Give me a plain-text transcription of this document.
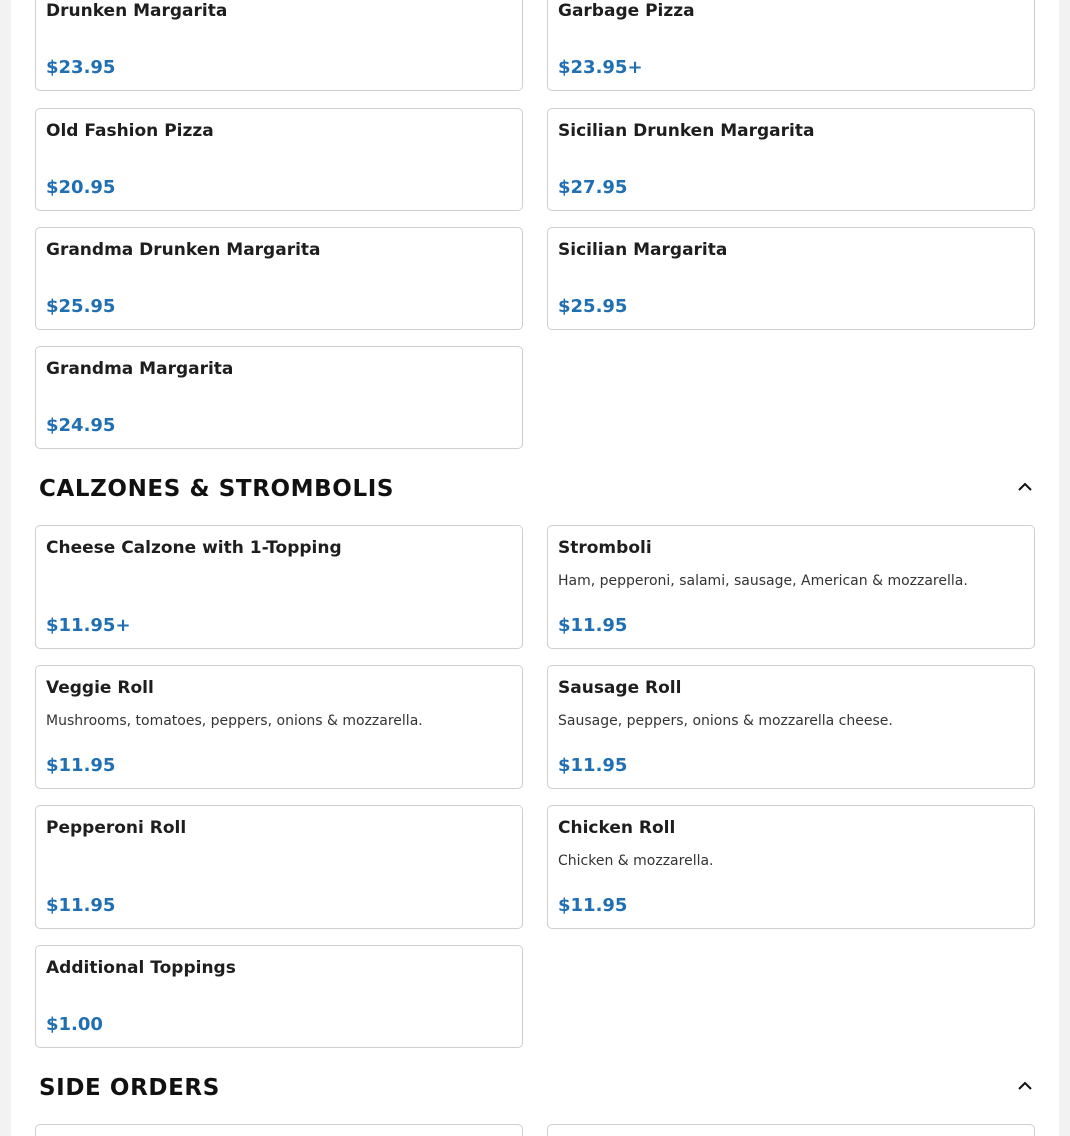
Drunken Margarita
$23.95
Garbage Pizza
$23.95+
Old Fashion Pizza
$20.95
Sicilian Drunken Margarita
$27.95
Grandma Drunken Margarita
$25.95
Sicilian Margarita
$25.95
Grandma Margarita
$24.95
CALZONES & STROMBOLIS
Cheese Calzone with 1-Topping
$11.95+
Stromboli
Ham, pepperoni, salami, sausage, American & mozzarella.
$11.95
Veggie Roll
Mushrooms, tomatoes, peppers, onions & mozzarella.
$11.95
Sausage Roll
Sausage, peppers, onions & mozzarella cheese.
$11.95
Pepperoni Roll
$11.95
Chicken Roll
Chicken & mozzarella.
$11.95
Additional Toppings
$1.00
SIDE ORDERS
